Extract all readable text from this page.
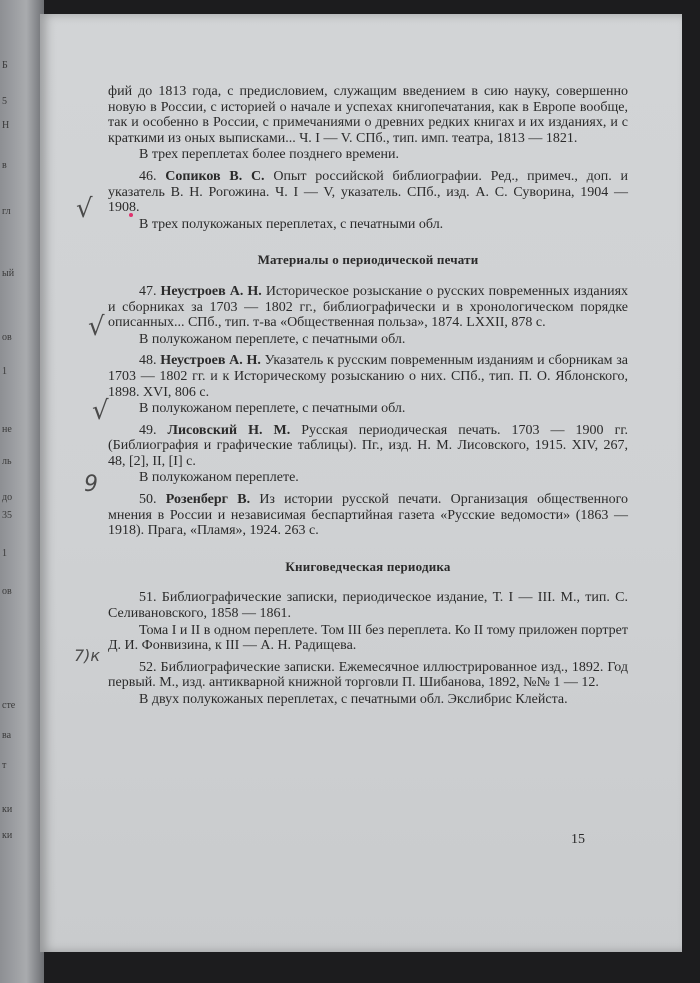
Б
5
Н
в
гл
ый
ов
1
не
ль
до
35
1
ов
сте
ва
т
ки
ки
√
√
√
9
7)к

фий до 1813 года, с предисловием, служащим введением в сию науку, совершенно новую в России, с историей о начале и успехах книгопечатания, как в Европе вообще, так и особенно в России, с примечаниями о древних редких книгах и их изданиях, и с краткими из оных выписками... Ч. I — V. СПб., тип. имп. театра, 1813 — 1821.

В трех переплетах более позднего времени.

46. Сопиков В. С. Опыт российской библиографии. Ред., примеч., доп. и указатель В. Н. Рогожина. Ч. I — V, указатель. СПб., изд. А. С. Суворина, 1904 — 1908.

В трех полукожаных переплетах, с печатными обл.

Материалы о периодической печати

47. Неустроев А. Н. Историческое розыскание о русских повременных изданиях и сборниках за 1703 — 1802 гг., библиографически и в хронологическом порядке описанных... СПб., тип. т-ва «Общественная польза», 1874. LXXII, 878 с.

В полукожаном переплете, с печатными обл.

48. Неустроев А. Н. Указатель к русским повременным изданиям и сборникам за 1703 — 1802 гг. и к Историческому розысканию о них. СПб., тип. П. О. Яблонского, 1898. XVI, 806 с.

В полукожаном переплете, с печатными обл.

49. Лисовский Н. М. Русская периодическая печать. 1703 — 1900 гг. (Библиография и графические таблицы). Пг., изд. Н. М. Лисовского, 1915. XIV, 267, 48, [2], II, [I] с.

В полукожаном переплете.

50. Розенберг В. Из истории русской печати. Организация общественного мнения в России и независимая беспартийная газета «Русские ведомости» (1863 — 1918). Прага, «Пламя», 1924. 263 с.

Книговедческая периодика

51. Библиографические записки, периодическое издание, Т. I — III. М., тип. С. Селивановского, 1858 — 1861.

Тома I и II в одном переплете. Том III без переплета. Ко II тому приложен портрет Д. И. Фонвизина, к III — А. Н. Радищева.

52. Библиографические записки. Ежемесячное иллюстрированное изд., 1892. Год первый. М., изд. антикварной книжной торговли П. Шибанова, 1892, №№ 1 — 12.

В двух полукожаных переплетах, с печатными обл. Экслибрис Клейста.

15
